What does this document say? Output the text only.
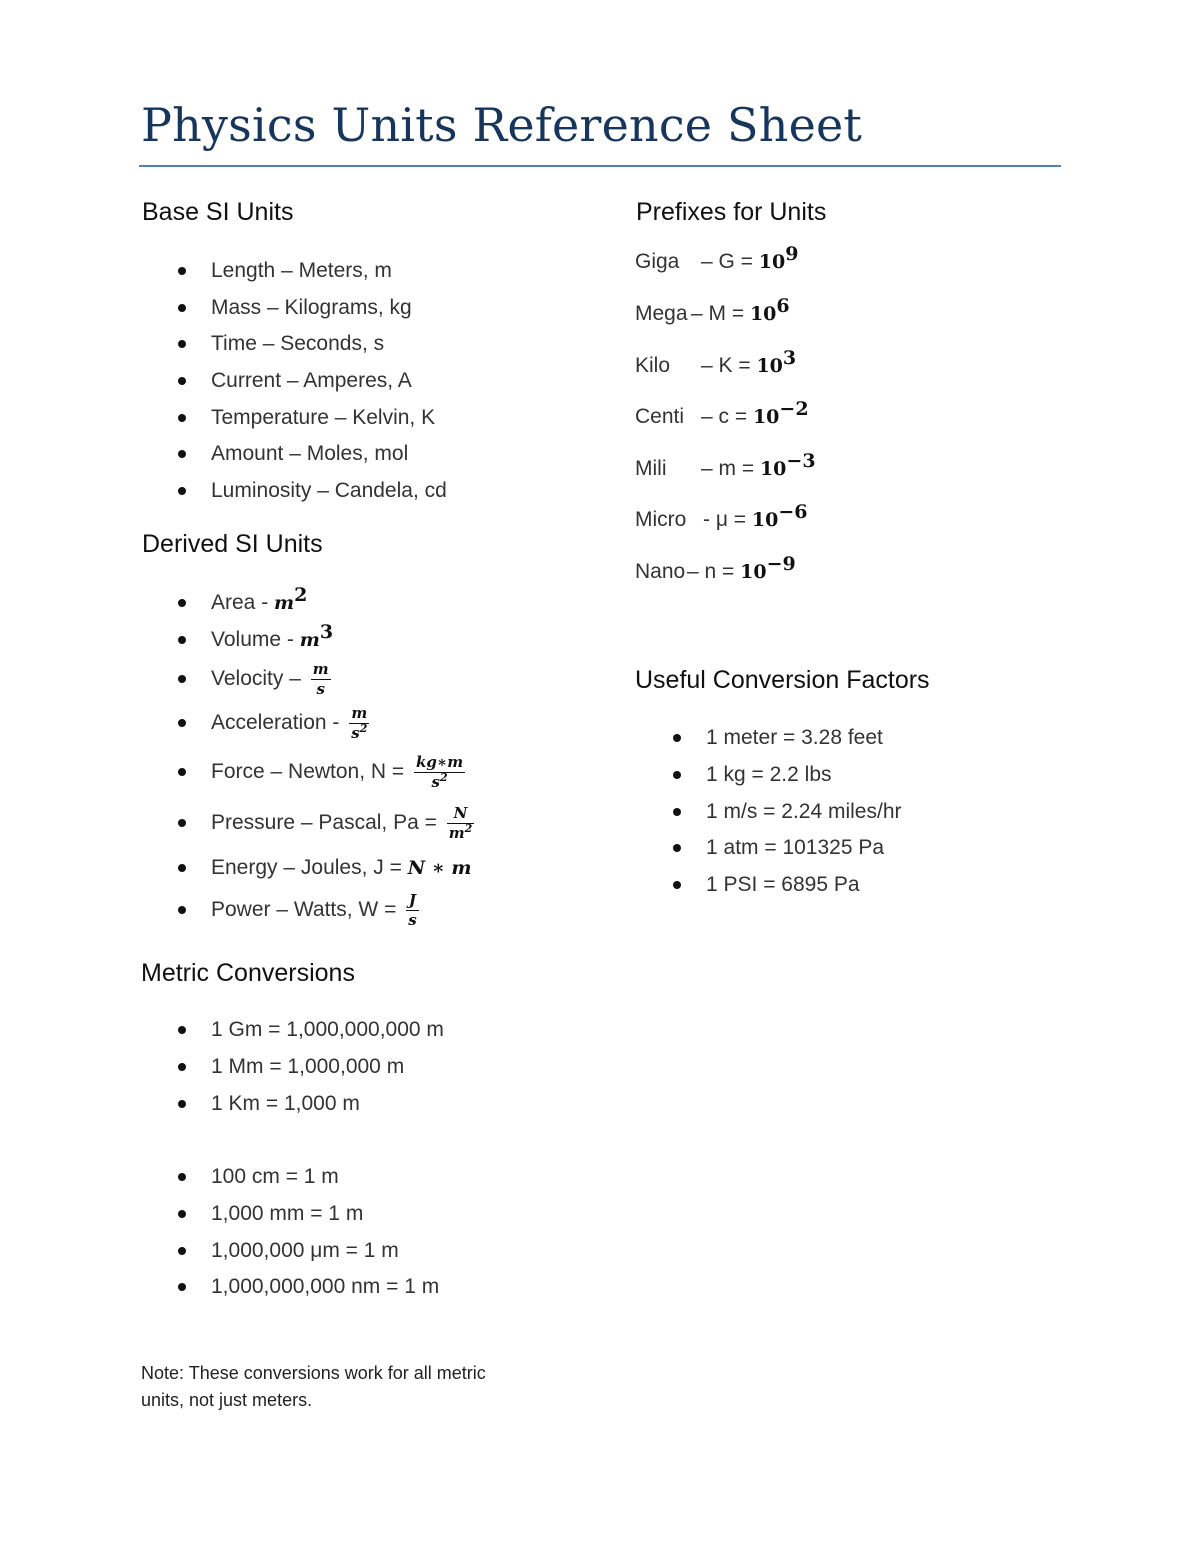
Physics Units Reference Sheet
Base SI Units
Length – Meters, m
Mass – Kilograms, kg
Time – Seconds, s
Current – Amperes, A
Temperature – Kelvin, K
Amount – Moles, mol
Luminosity – Candela, cd
Derived SI Units
Area - $m^2$
Volume - $m^3$
Velocity – $\frac{m}{s}$
Acceleration - $\frac{m}{s^2}$
Force – Newton, $N = \frac{kg∗m}{s^2}$
Pressure – Pascal, $Pa = \frac{N}{m^2}$
Energy – Joules, J = N ∗ m
Power – Watts, $W = \frac{J}{s}$
Metric Conversions
1 Gm = 1,000,000,000 m
1 Mm = 1,000,000 m
1 Km = 1,000 m
100 cm = 1 m
1,000 mm = 1 m
1,000,000 μm = 1 m
1,000,000,000 nm = 1 m
Note: These conversions work for all metric units, not just meters.
Prefixes for Units
Giga – $G = 10^9$
Mega – $M = 10^6$
Kilo – $K = 10^3$
Centi – $c = 10^{-2}$
Mili – $m = 10^{-3}$
Micro - $\mu = 10^{-6}$
Nano– $n = 10^{-9}$
Useful Conversion Factors
1 meter = 3.28 feet
1 kg = 2.2 lbs
1 m/s = 2.24 miles/hr
1 atm = 101325 Pa
1 PSI = 6895 Pa
